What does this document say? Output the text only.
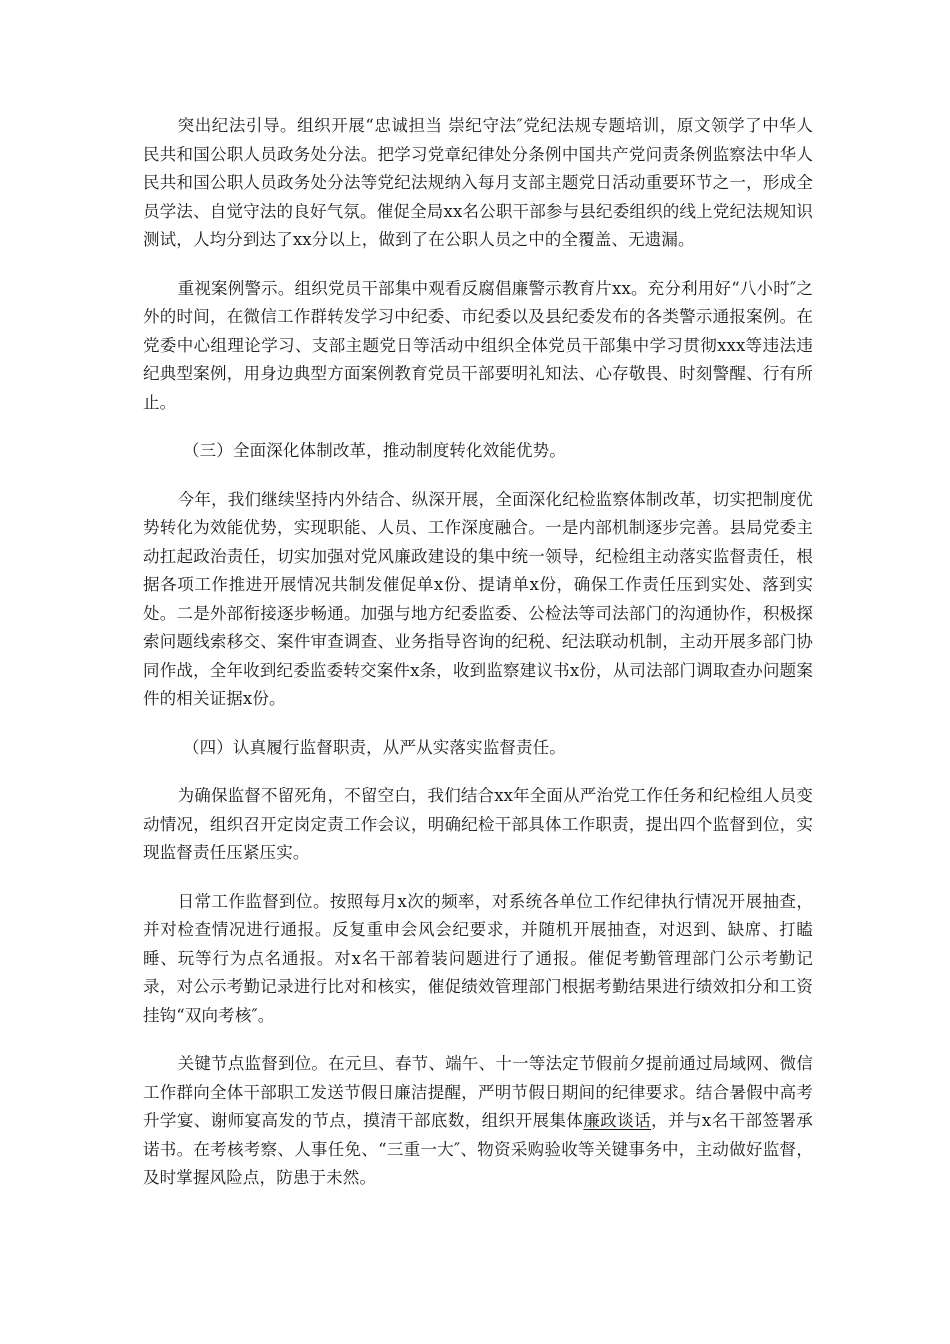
突出纪法引导。组织开展“忠诚担当 崇纪守法″党纪法规专题培训，原文领学了中华人民共和国公职人员政务处分法。把学习党章纪律处分条例中国共产党问责条例监察法中华人民共和国公职人员政务处分法等党纪法规纳入每月支部主题党日活动重要环节之一，形成全员学法、自觉守法的良好气氛。催促全局xx名公职干部参与县纪委组织的线上党纪法规知识测试，人均分到达了xx分以上，做到了在公职人员之中的全覆盖、无遗漏。

重视案例警示。组织党员干部集中观看反腐倡廉警示教育片xx。充分利用好“八小时″之外的时间，在微信工作群转发学习中纪委、市纪委以及县纪委发布的各类警示通报案例。在党委中心组理论学习、支部主题党日等活动中组织全体党员干部集中学习贯彻xxx等违法违纪典型案例，用身边典型方面案例教育党员干部要明礼知法、心存敬畏、时刻警醒、行有所止。

（三）全面深化体制改革，推动制度转化效能优势。

今年，我们继续坚持内外结合、纵深开展，全面深化纪检监察体制改革，切实把制度优势转化为效能优势，实现职能、人员、工作深度融合。一是内部机制逐步完善。县局党委主动扛起政治责任，切实加强对党风廉政建设的集中统一领导，纪检组主动落实监督责任，根据各项工作推进开展情况共制发催促单x份、提请单x份，确保工作责任压到实处、落到实处。二是外部衔接逐步畅通。加强与地方纪委监委、公检法等司法部门的沟通协作，积极探索问题线索移交、案件审查调查、业务指导咨询的纪税、纪法联动机制，主动开展多部门协同作战，全年收到纪委监委转交案件x条，收到监察建议书x份，从司法部门调取查办问题案件的相关证据x份。

（四）认真履行监督职责，从严从实落实监督责任。

为确保监督不留死角，不留空白，我们结合xx年全面从严治党工作任务和纪检组人员变动情况，组织召开定岗定责工作会议，明确纪检干部具体工作职责，提出四个监督到位，实现监督责任压紧压实。

日常工作监督到位。按照每月x次的频率，对系统各单位工作纪律执行情况开展抽查，并对检查情况进行通报。反复重申会风会纪要求，并随机开展抽查，对迟到、缺席、打瞌睡、玩等行为点名通报。对x名干部着装问题进行了通报。催促考勤管理部门公示考勤记录，对公示考勤记录进行比对和核实，催促绩效管理部门根据考勤结果进行绩效扣分和工资挂钩“双向考核″。

关键节点监督到位。在元旦、春节、端午、十一等法定节假前夕提前通过局域网、微信工作群向全体干部职工发送节假日廉洁提醒，严明节假日期间的纪律要求。结合暑假中高考升学宴、谢师宴高发的节点，摸清干部底数，组织开展集体廉政谈话，并与x名干部签署承诺书。在考核考察、人事任免、“三重一大″、物资采购验收等关键事务中，主动做好监督，及时掌握风险点，防患于未然。
